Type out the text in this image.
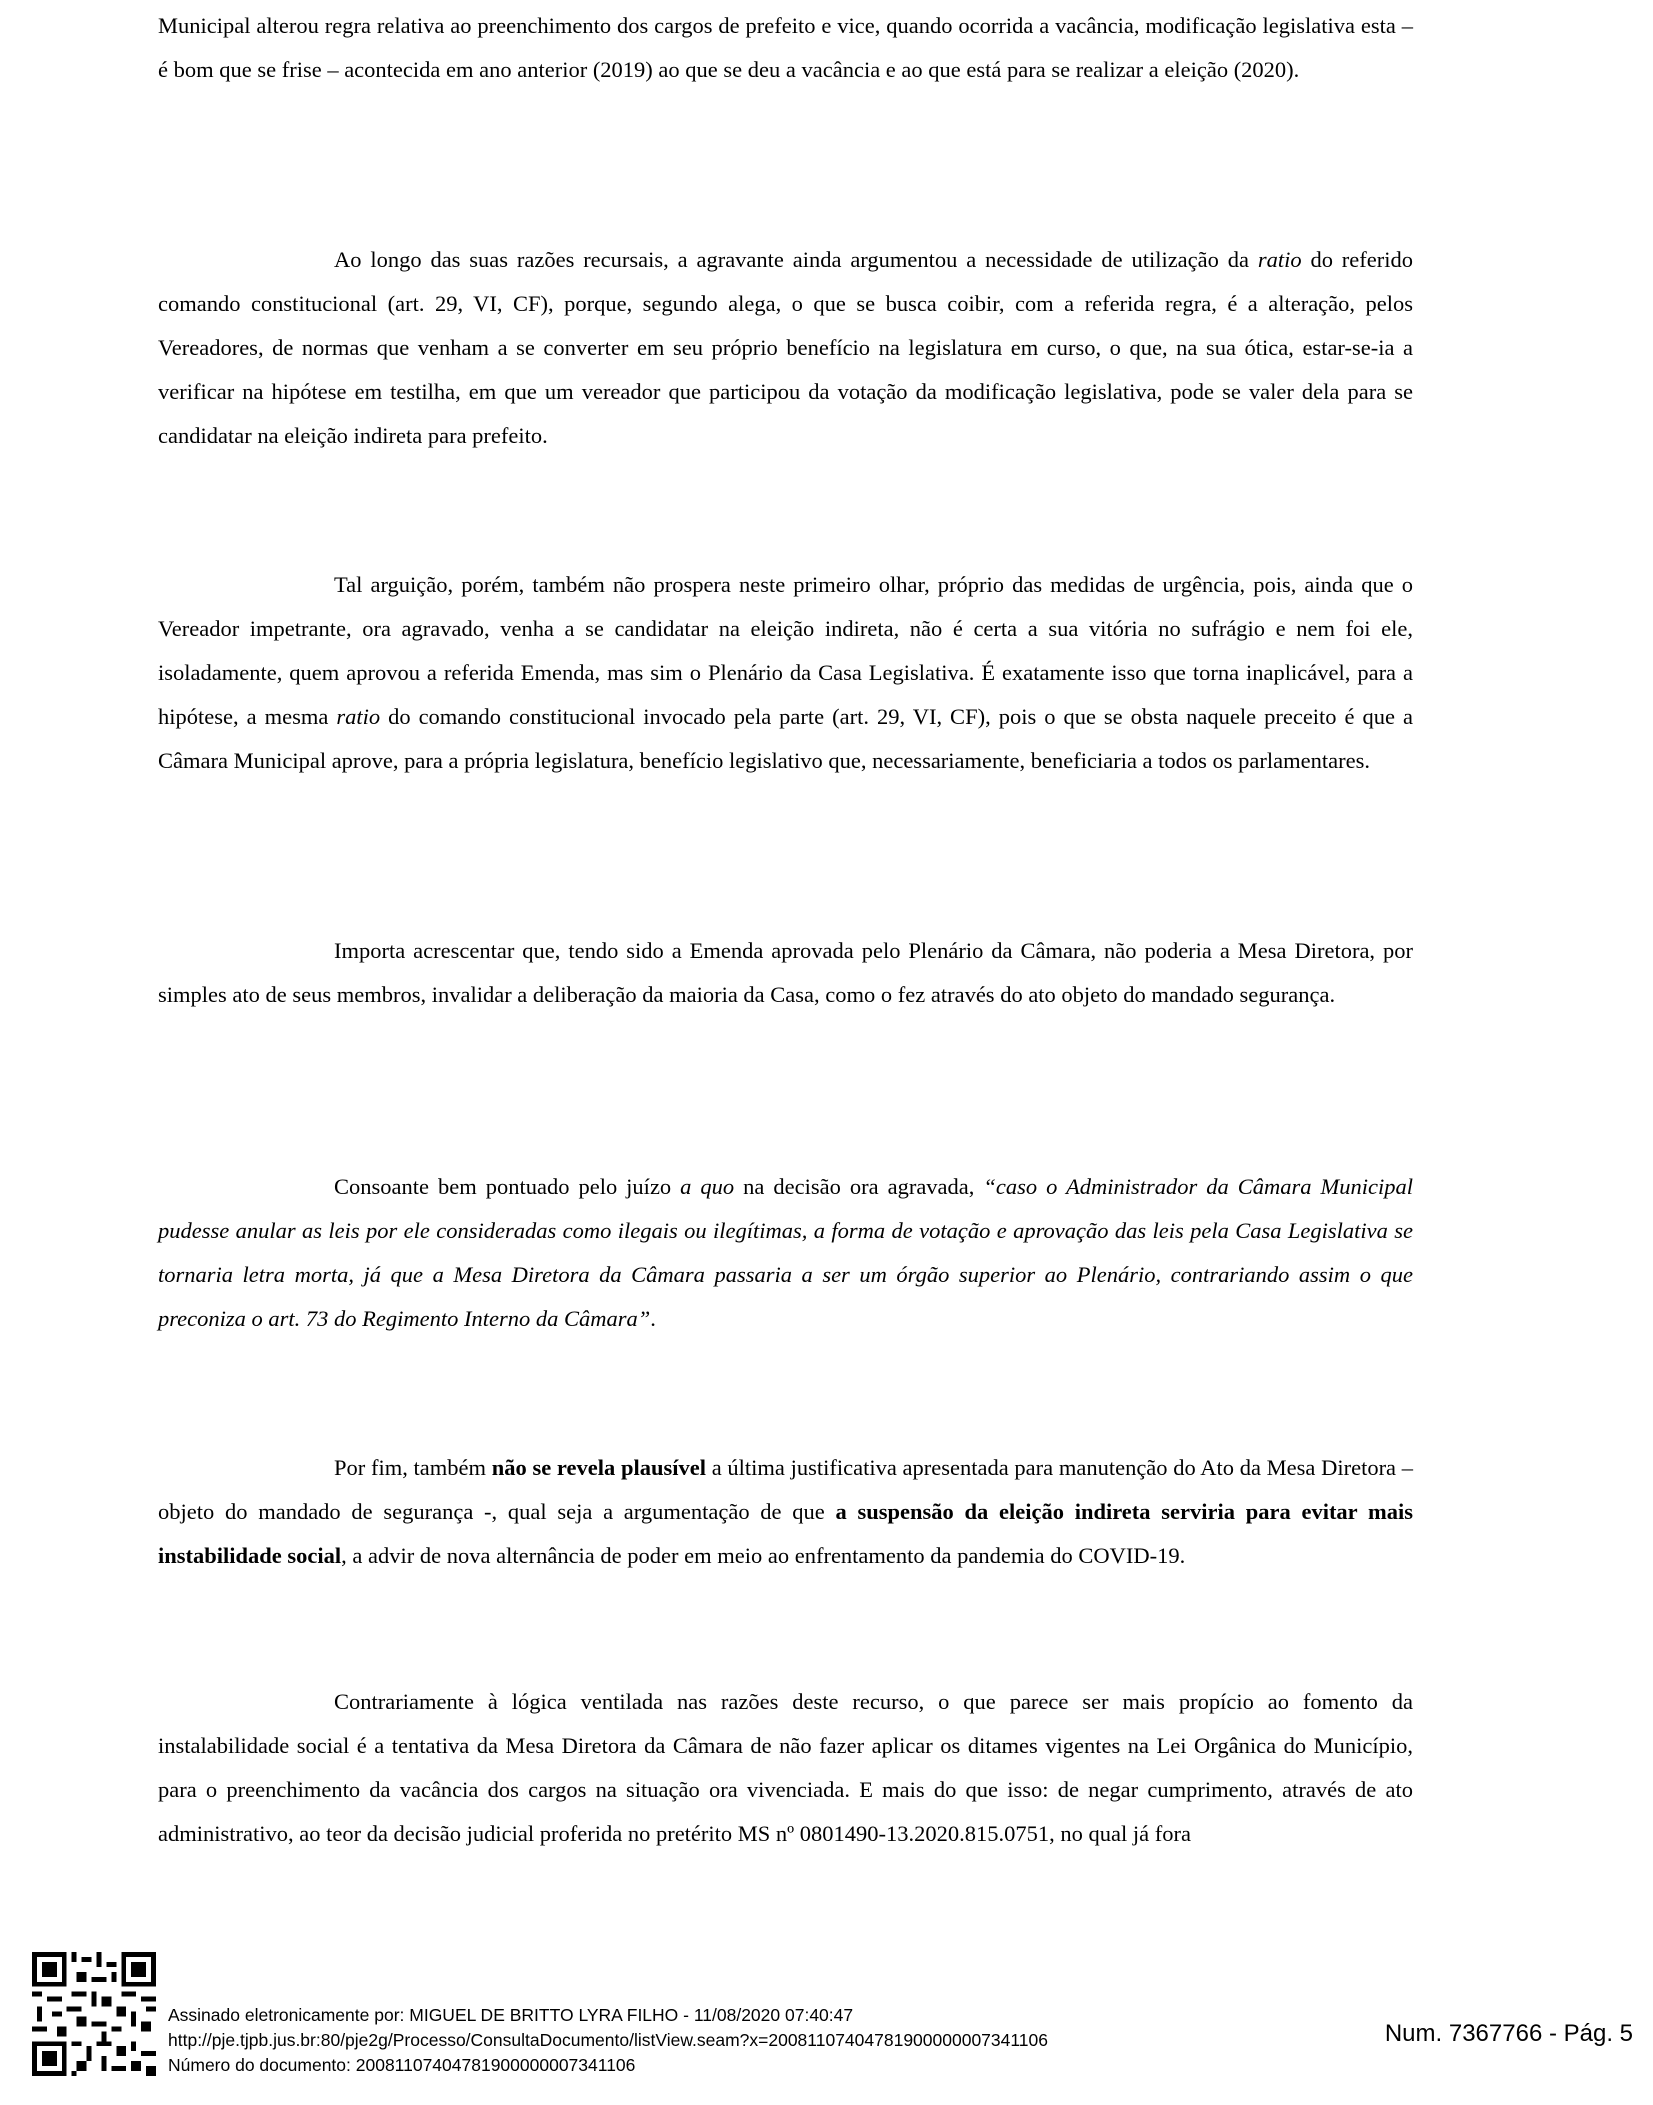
Municipal alterou regra relativa ao preenchimento dos cargos de prefeito e vice, quando ocorrida a vacância, modificação legislativa esta – é bom que se frise – acontecida em ano anterior (2019) ao que se deu a vacância e ao que está para se realizar a eleição (2020).

Ao longo das suas razões recursais, a agravante ainda argumentou a necessidade de utilização da ratio do referido comando constitucional (art. 29, VI, CF), porque, segundo alega, o que se busca coibir, com a referida regra, é a alteração, pelos Vereadores, de normas que venham a se converter em seu próprio benefício na legislatura em curso, o que, na sua ótica, estar-se-ia a verificar na hipótese em testilha, em que um vereador que participou da votação da modificação legislativa, pode se valer dela para se candidatar na eleição indireta para prefeito.

Tal arguição, porém, também não prospera neste primeiro olhar, próprio das medidas de urgência, pois, ainda que o Vereador impetrante, ora agravado, venha a se candidatar na eleição indireta, não é certa a sua vitória no sufrágio e nem foi ele, isoladamente, quem aprovou a referida Emenda, mas sim o Plenário da Casa Legislativa. É exatamente isso que torna inaplicável, para a hipótese, a mesma ratio do comando constitucional invocado pela parte (art. 29, VI, CF), pois o que se obsta naquele preceito é que a Câmara Municipal aprove, para a própria legislatura, benefício legislativo que, necessariamente, beneficiaria a todos os parlamentares.

Importa acrescentar que, tendo sido a Emenda aprovada pelo Plenário da Câmara, não poderia a Mesa Diretora, por simples ato de seus membros, invalidar a deliberação da maioria da Casa, como o fez através do ato objeto do mandado segurança.

Consoante bem pontuado pelo juízo a quo na decisão ora agravada, “caso o Administrador da Câmara Municipal pudesse anular as leis por ele consideradas como ilegais ou ilegítimas, a forma de votação e aprovação das leis pela Casa Legislativa se tornaria letra morta, já que a Mesa Diretora da Câmara passaria a ser um órgão superior ao Plenário, contrariando assim o que preconiza o art. 73 do Regimento Interno da Câmara”.

Por fim, também não se revela plausível a última justificativa apresentada para manutenção do Ato da Mesa Diretora – objeto do mandado de segurança -, qual seja a argumentação de que a suspensão da eleição indireta serviria para evitar mais instabilidade social, a advir de nova alternância de poder em meio ao enfrentamento da pandemia do COVID-19.

Contrariamente à lógica ventilada nas razões deste recurso, o que parece ser mais propício ao fomento da instalabilidade social é a tentativa da Mesa Diretora da Câmara de não fazer aplicar os ditames vigentes na Lei Orgânica do Município, para o preenchimento da vacância dos cargos na situação ora vivenciada. E mais do que isso: de negar cumprimento, através de ato administrativo, ao teor da decisão judicial proferida no pretérito MS nº 0801490-13.2020.815.0751, no qual já fora

Assinado eletronicamente por: MIGUEL DE BRITTO LYRA FILHO - 11/08/2020 07:40:47
http://pje.tjpb.jus.br:80/pje2g/Processo/ConsultaDocumento/listView.seam?x=20081107404781900000007341106
Número do documento: 20081107404781900000007341106
Num. 7367766 - Pág. 5
